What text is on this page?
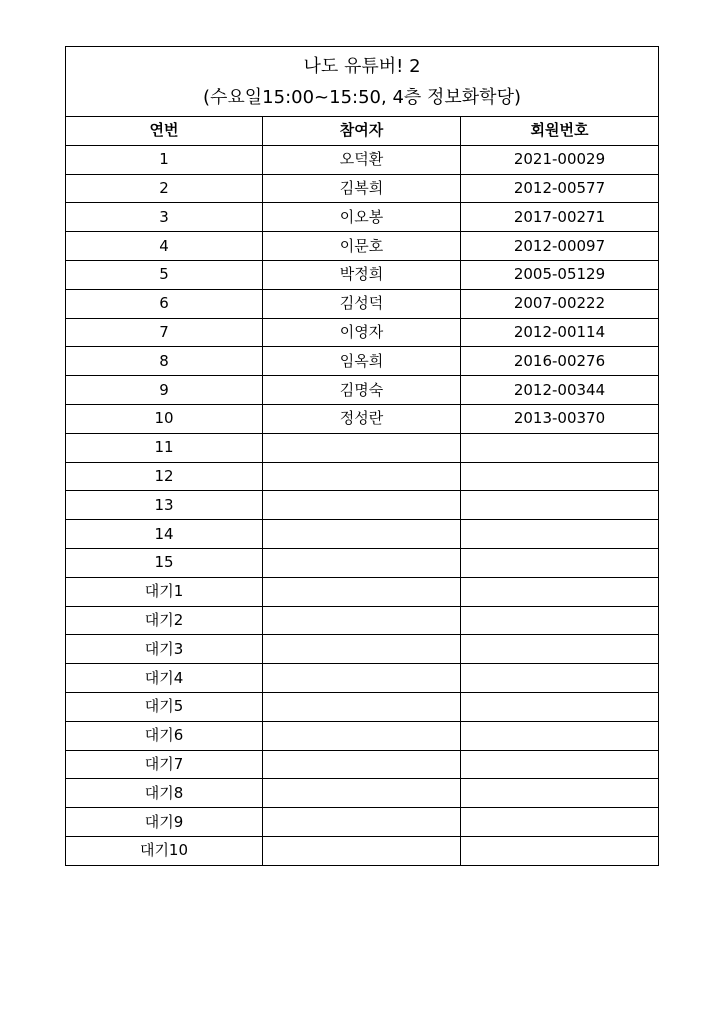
나도 유튜버! 2
(수요일15:00~15:50, 4층 정보화학당)		

연번	참여자	회원번호
1	오덕환	2021-00029
2	김복희	2012-00577
3	이오봉	2017-00271
4	이문호	2012-00097
5	박정희	2005-05129
6	김성덕	2007-00222
7	이영자	2012-00114
8	임옥희	2016-00276
9	김명숙	2012-00344
10	정성란	2013-00370
11		
12		
13		
14		
15		
대기1		
대기2		
대기3		
대기4		
대기5		
대기6		
대기7		
대기8		
대기9		
대기10		
